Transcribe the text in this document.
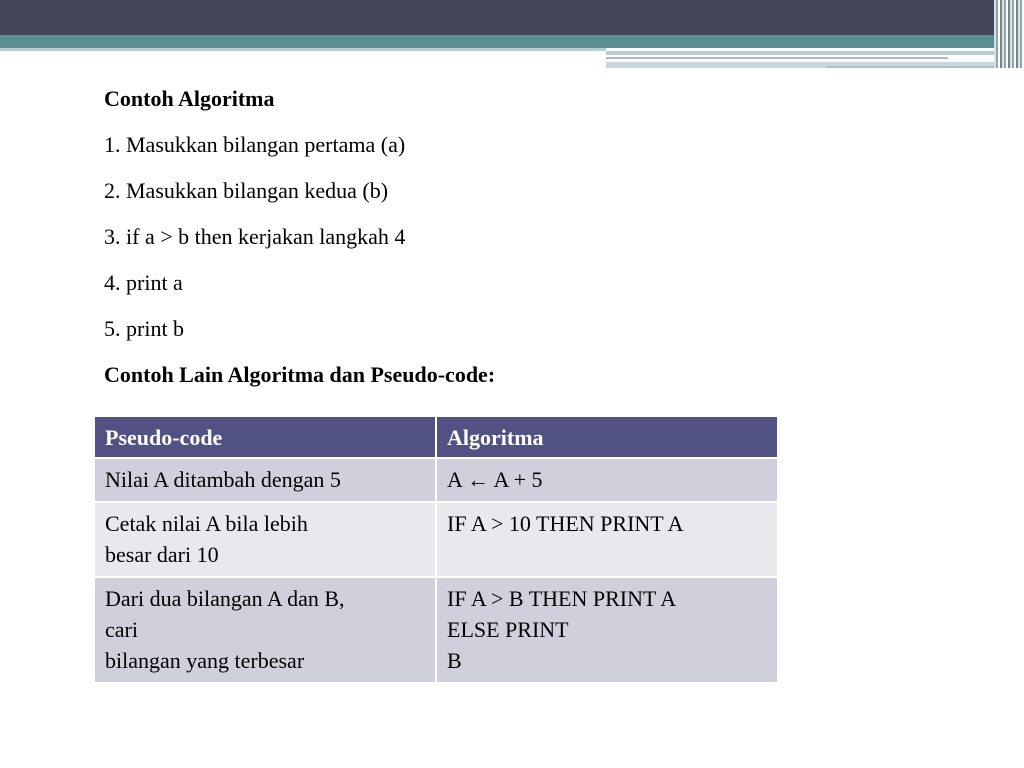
Contoh Algoritma
1. Masukkan bilangan pertama (a)
2. Masukkan bilangan kedua (b)
3. if a > b then kerjakan langkah 4
4. print a
5. print b
Contoh Lain Algoritma dan Pseudo-code:
Pseudo-code	Algoritma

Nilai A ditambah dengan 5	A ← A + 5

Cetak nilai A bila lebih
besar dari 10	IF A > 10 THEN PRINT A

Dari dua bilangan A dan B,
cari
bilangan yang terbesar	IF A > B THEN PRINT A
ELSE PRINT
B
